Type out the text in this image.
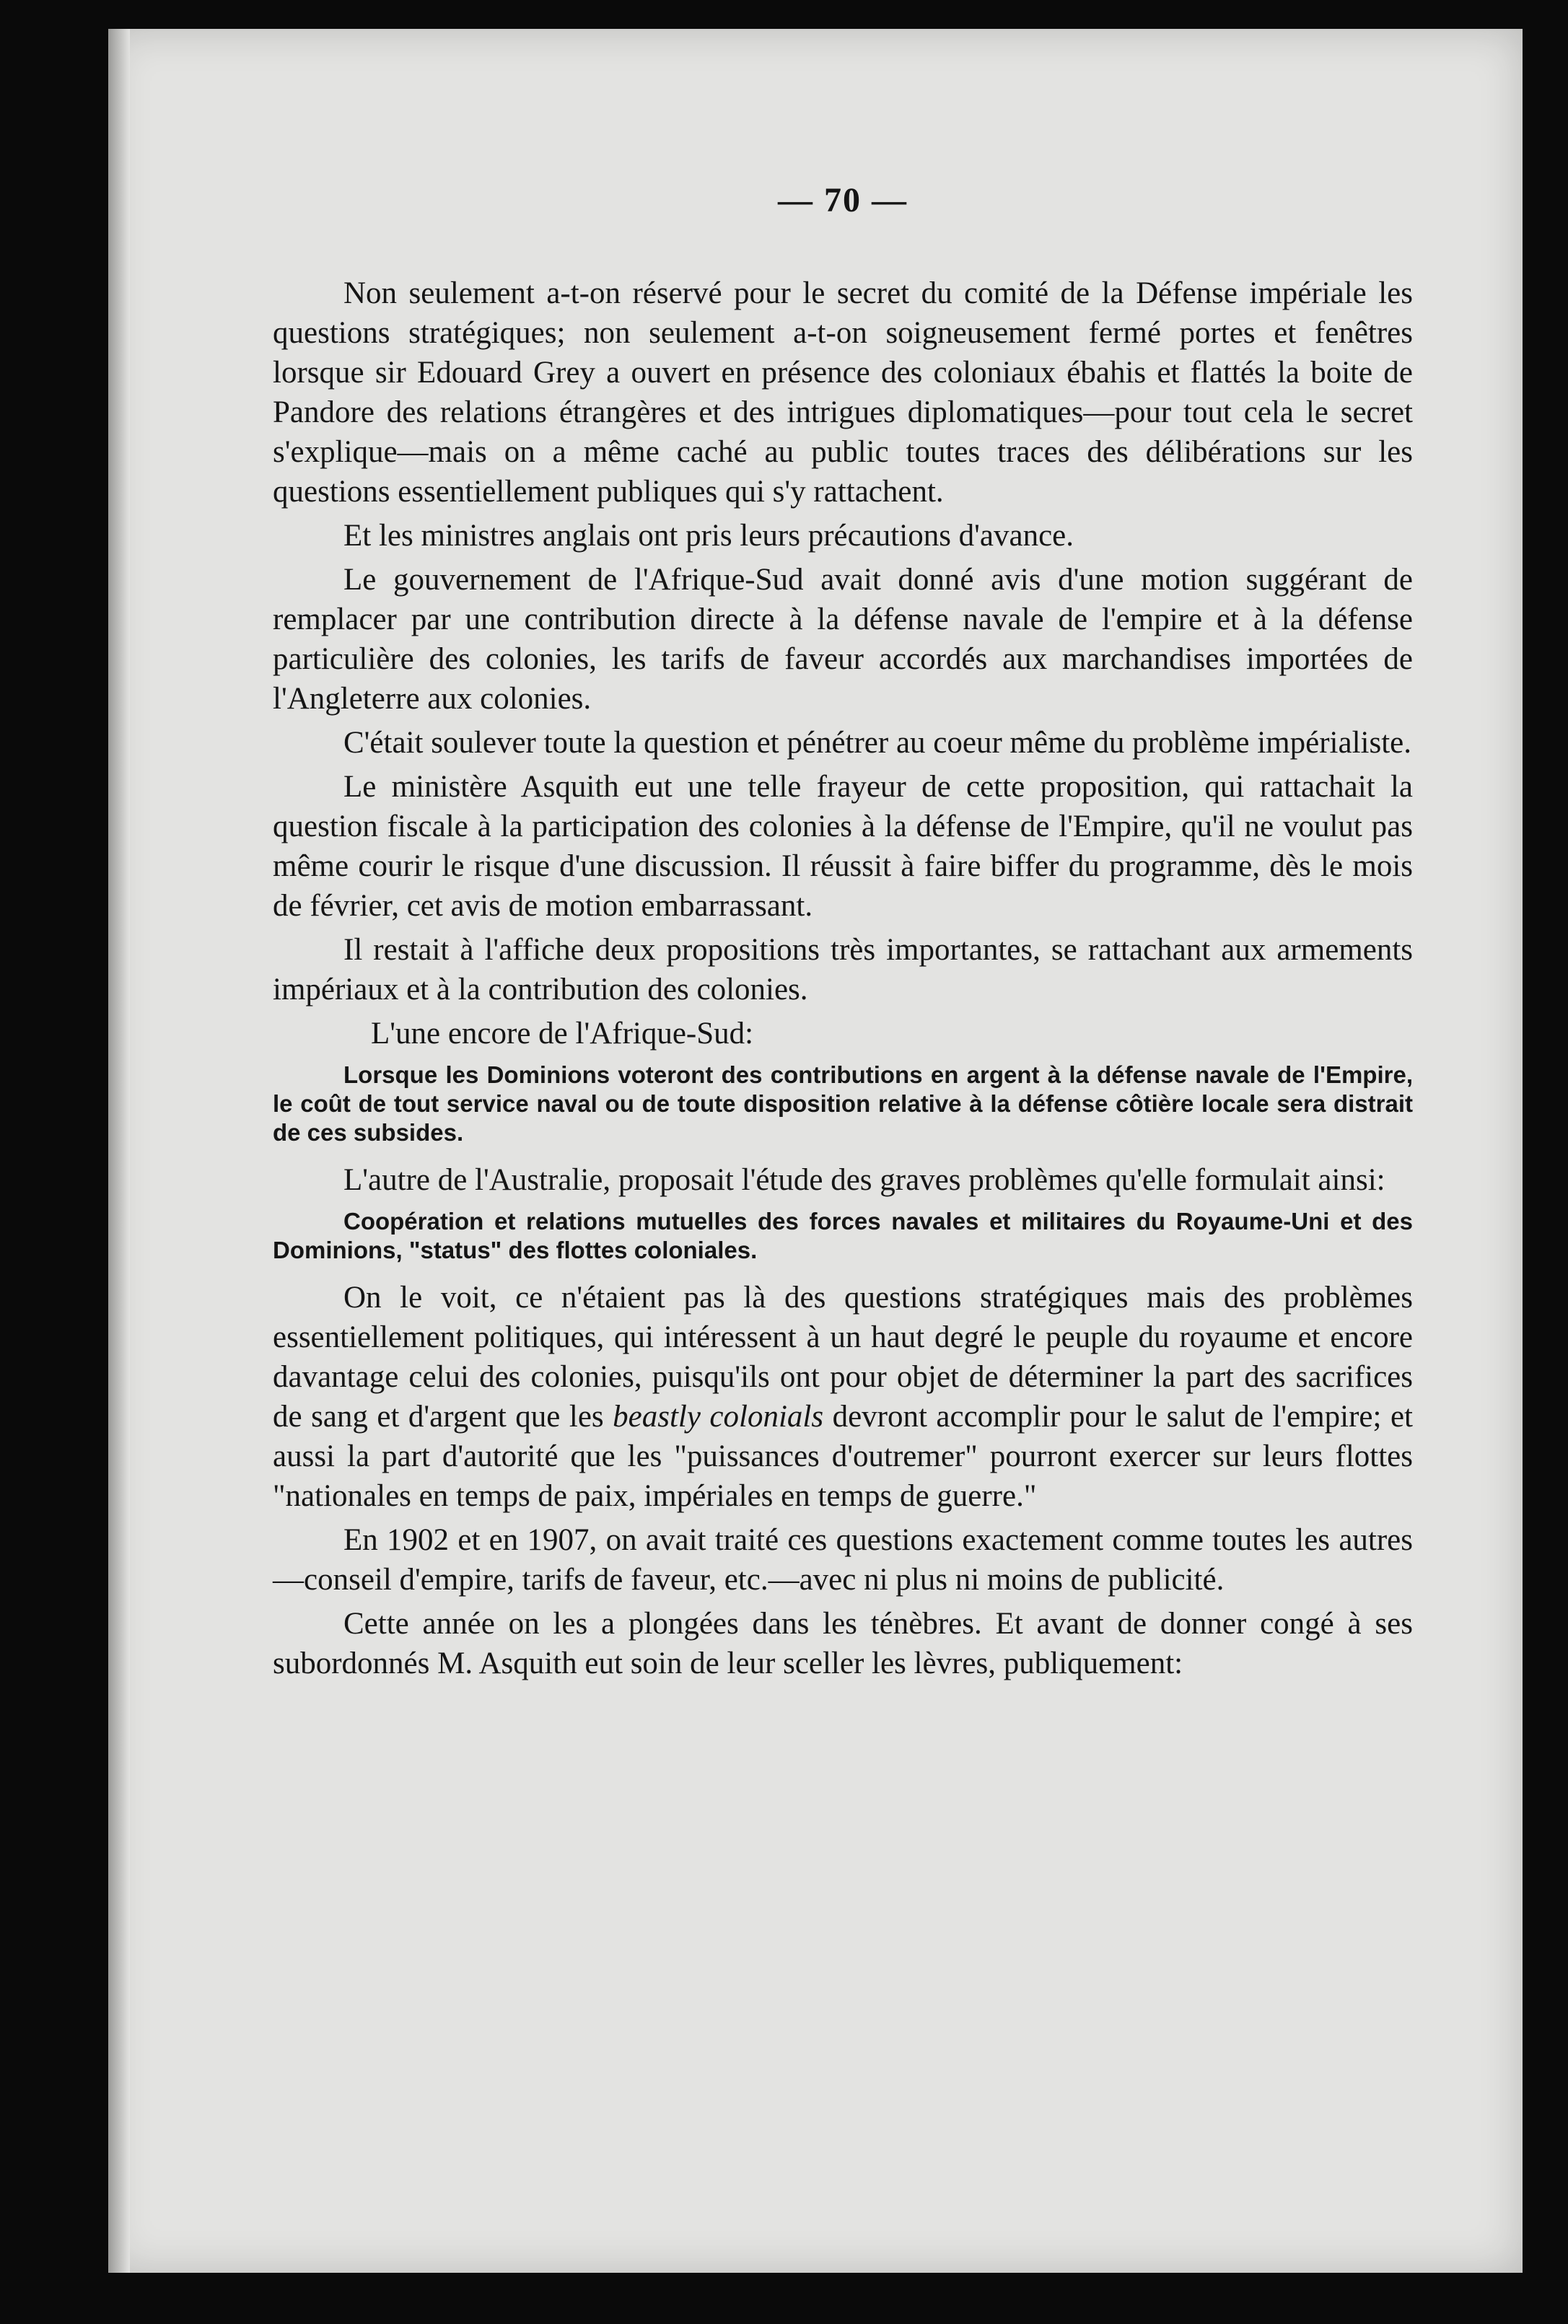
— 70 —

Non seulement a-t-on réservé pour le secret du comité de la Défense impériale les questions stratégiques; non seulement a-t-on soigneusement fermé portes et fenêtres lorsque sir Edouard Grey a ouvert en présence des coloniaux ébahis et flattés la boite de Pandore des relations étrangères et des intrigues diplomatiques—pour tout cela le secret s'explique—mais on a même caché au public toutes traces des délibérations sur les questions essentiellement publiques qui s'y rattachent.

Et les ministres anglais ont pris leurs précautions d'avance.

Le gouvernement de l'Afrique-Sud avait donné avis d'une motion suggérant de remplacer par une contribution directe à la défense navale de l'empire et à la défense particulière des colonies, les tarifs de faveur accordés aux marchandises importées de l'Angleterre aux colonies.

C'était soulever toute la question et pénétrer au coeur même du problème impérialiste.

Le ministère Asquith eut une telle frayeur de cette proposition, qui rattachait la question fiscale à la participation des colonies à la défense de l'Empire, qu'il ne voulut pas même courir le risque d'une discussion. Il réussit à faire biffer du programme, dès le mois de février, cet avis de motion embarrassant.

Il restait à l'affiche deux propositions très importantes, se rattachant aux armements impériaux et à la contribution des colonies.

L'une encore de l'Afrique-Sud:

Lorsque les Dominions voteront des contributions en argent à la défense navale de l'Empire, le coût de tout service naval ou de toute disposition relative à la défense côtière locale sera distrait de ces subsides.

L'autre de l'Australie, proposait l'étude des graves problèmes qu'elle formulait ainsi:

Coopération et relations mutuelles des forces navales et militaires du Royaume-Uni et des Dominions, "status" des flottes coloniales.

On le voit, ce n'étaient pas là des questions stratégiques mais des problèmes essentiellement politiques, qui intéressent à un haut degré le peuple du royaume et encore davantage celui des colonies, puisqu'ils ont pour objet de déterminer la part des sacrifices de sang et d'argent que les beastly colonials devront accomplir pour le salut de l'empire; et aussi la part d'autorité que les "puissances d'outremer" pourront exercer sur leurs flottes "nationales en temps de paix, impériales en temps de guerre."

En 1902 et en 1907, on avait traité ces questions exactement comme toutes les autres—conseil d'empire, tarifs de faveur, etc.—avec ni plus ni moins de publicité.

Cette année on les a plongées dans les ténèbres. Et avant de donner congé à ses subordonnés M. Asquith eut soin de leur sceller les lèvres, publiquement:
